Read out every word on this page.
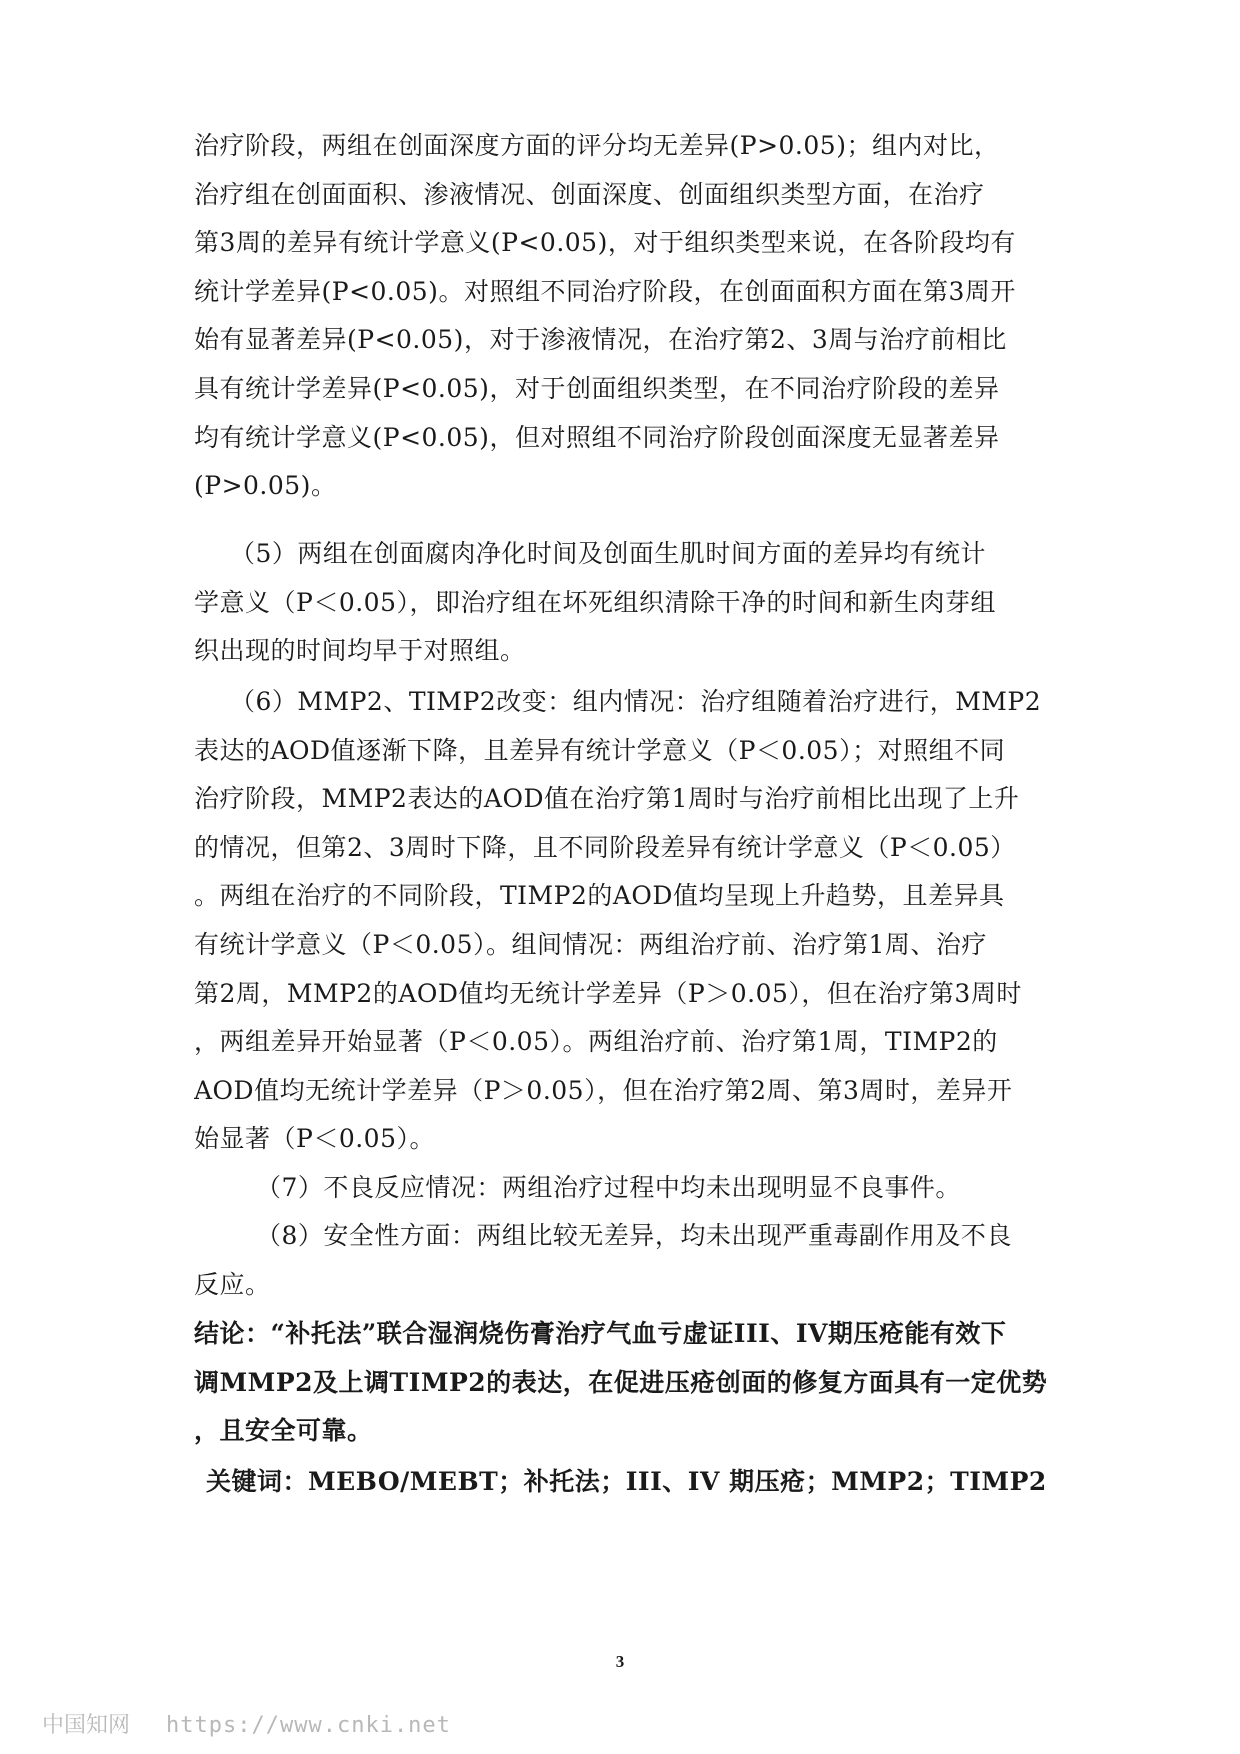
治疗阶段，两组在创面深度方面的评分均无差异(P>0.05)；组内对比，
治疗组在创面面积、渗液情况、创面深度、创面组织类型方面，在治疗
第3周的差异有统计学意义(P<0.05)，对于组织类型来说，在各阶段均有
统计学差异(P<0.05)。对照组不同治疗阶段，在创面面积方面在第3周开
始有显著差异(P<0.05)，对于渗液情况，在治疗第2、3周与治疗前相比
具有统计学差异(P<0.05)，对于创面组织类型，在不同治疗阶段的差异
均有统计学意义(P<0.05)，但对照组不同治疗阶段创面深度无显著差异
(P>0.05)。

（5）两组在创面腐肉净化时间及创面生肌时间方面的差异均有统计
学意义（P＜0.05），即治疗组在坏死组织清除干净的时间和新生肉芽组
织出现的时间均早于对照组。

（6）MMP2、TIMP2改变：组内情况：治疗组随着治疗进行，MMP2
表达的AOD值逐渐下降，且差异有统计学意义（P＜0.05）；对照组不同
治疗阶段，MMP2表达的AOD值在治疗第1周时与治疗前相比出现了上升
的情况，但第2、3周时下降，且不同阶段差异有统计学意义（P＜0.05）
。两组在治疗的不同阶段，TIMP2的AOD值均呈现上升趋势，且差异具
有统计学意义（P＜0.05）。组间情况：两组治疗前、治疗第1周、治疗
第2周，MMP2的AOD值均无统计学差异（P＞0.05），但在治疗第3周时
，两组差异开始显著（P＜0.05）。两组治疗前、治疗第1周，TIMP2的
AOD值均无统计学差异（P＞0.05），但在治疗第2周、第3周时，差异开
始显著（P＜0.05）。

（7）不良反应情况：两组治疗过程中均未出现明显不良事件。

（8）安全性方面：两组比较无差异，均未出现严重毒副作用及不良
反应。

结论：“补托法”联合湿润烧伤膏治疗气血亏虚证III、IV期压疮能有效下
调MMP2及上调TIMP2的表达，在促进压疮创面的修复方面具有一定优势
，且安全可靠。

关键词：MEBO/MEBT；补托法；III、IV 期压疮；MMP2；TIMP2

3
中国知网 https://www.cnki.net
